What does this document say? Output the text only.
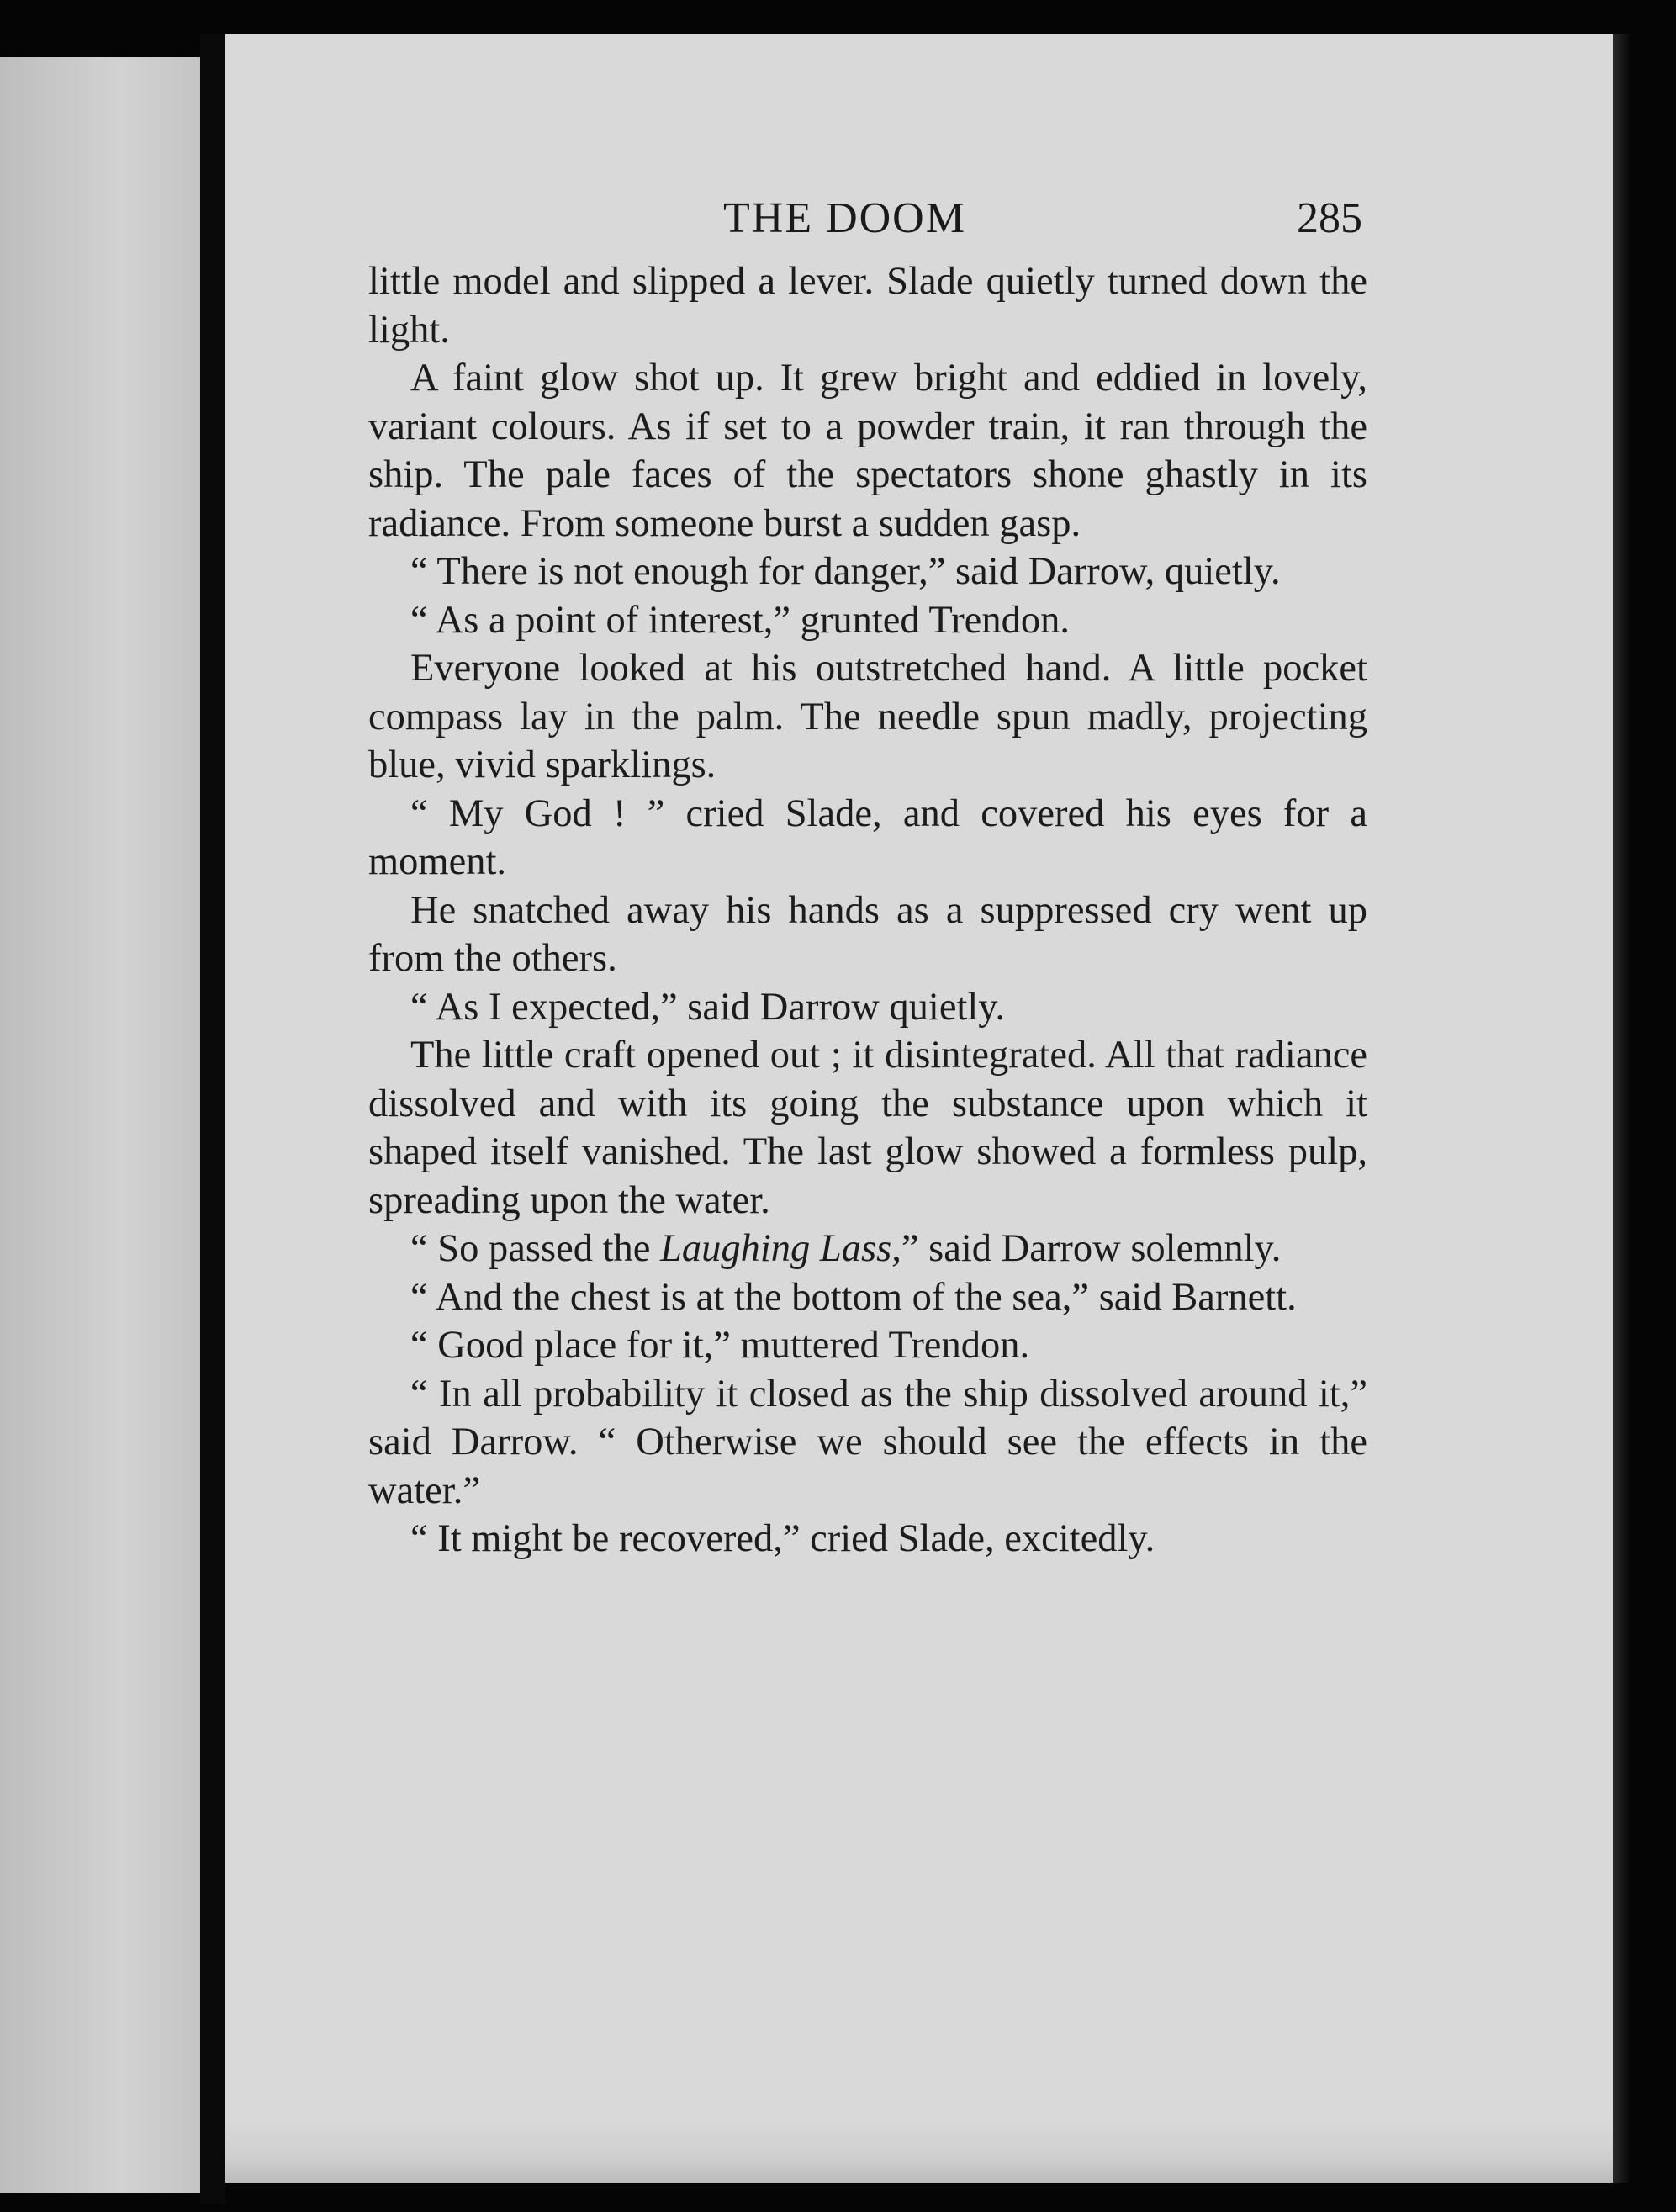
THE DOOM	285

little model and slipped a lever. Slade quietly turned down the light.

A faint glow shot up. It grew bright and eddied in lovely, variant colours. As if set to a powder train, it ran through the ship. The pale faces of the spectators shone ghastly in its radiance. From someone burst a sudden gasp.

“ There is not enough for danger,” said Darrow, quietly.

“ As a point of interest,” grunted Trendon.

Everyone looked at his outstretched hand. A little pocket compass lay in the palm. The needle spun madly, projecting blue, vivid sparklings.

“ My God ! ” cried Slade, and covered his eyes for a moment.

He snatched away his hands as a suppressed cry went up from the others.

“ As I expected,” said Darrow quietly.

The little craft opened out ; it disintegrated. All that radiance dissolved and with its going the substance upon which it shaped itself vanished. The last glow showed a formless pulp, spreading upon the water.

“ So passed the Laughing Lass,” said Darrow solemnly.

“ And the chest is at the bottom of the sea,” said Barnett.

“ Good place for it,” muttered Trendon.

“ In all probability it closed as the ship dissolved around it,” said Darrow. “ Otherwise we should see the effects in the water.”

“ It might be recovered,” cried Slade, excitedly.
